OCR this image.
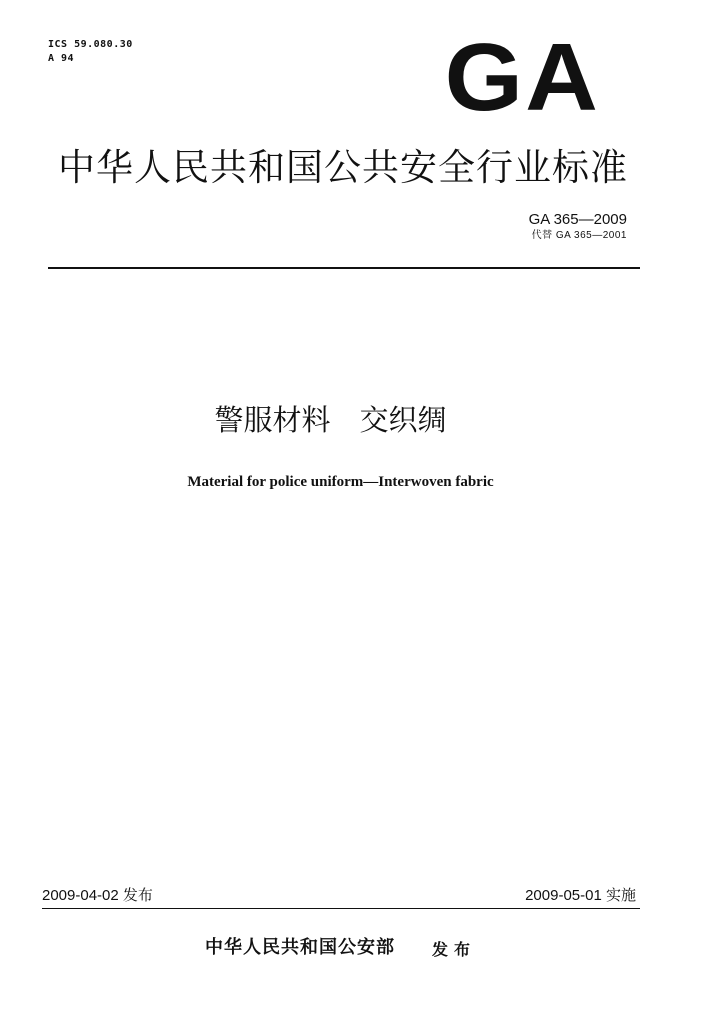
ICS 59.080.30
A 94	GA
中华人民共和国公共安全行业标准
GA 365—2009
代替 GA 365—2001
警服材料　交织绸
Material for police uniform—Interwoven fabric
2009-04-02 发布	2009-05-01 实施
中华人民共和国公安部 发布
